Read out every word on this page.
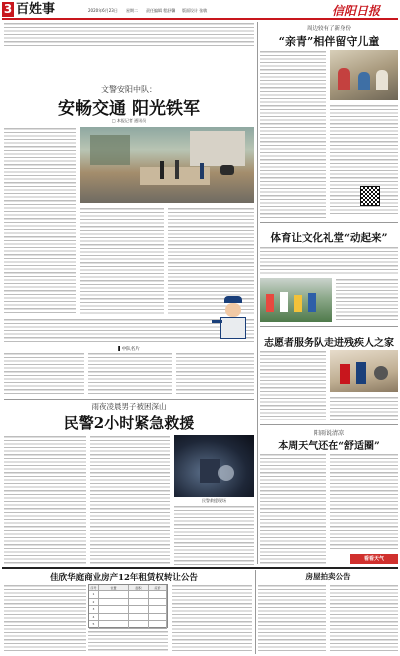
3 百姓事	2020年6月23日 星期二 责任编辑 程舒馨 版面设计 张敏	信阳日报
文警安阳中队：
安畅交通 阳光铁军
□ 本报记者 通讯员
▌中队名片
雨夜凌晨男子被困深山
民警2小时紧急救援
民警救援现场
周边较有了新身份
“亲青”相伴留守儿童
体育让文化礼堂“动起来”
志愿者服务队走进残疾人之家
阳雨说清凉
本周天气还在“舒适圈”
看看天气
佳欣华庭商业房产12年租赁权转让公告
序号	位置	面积	底价
1
2
3
4
5
房屋拍卖公告
